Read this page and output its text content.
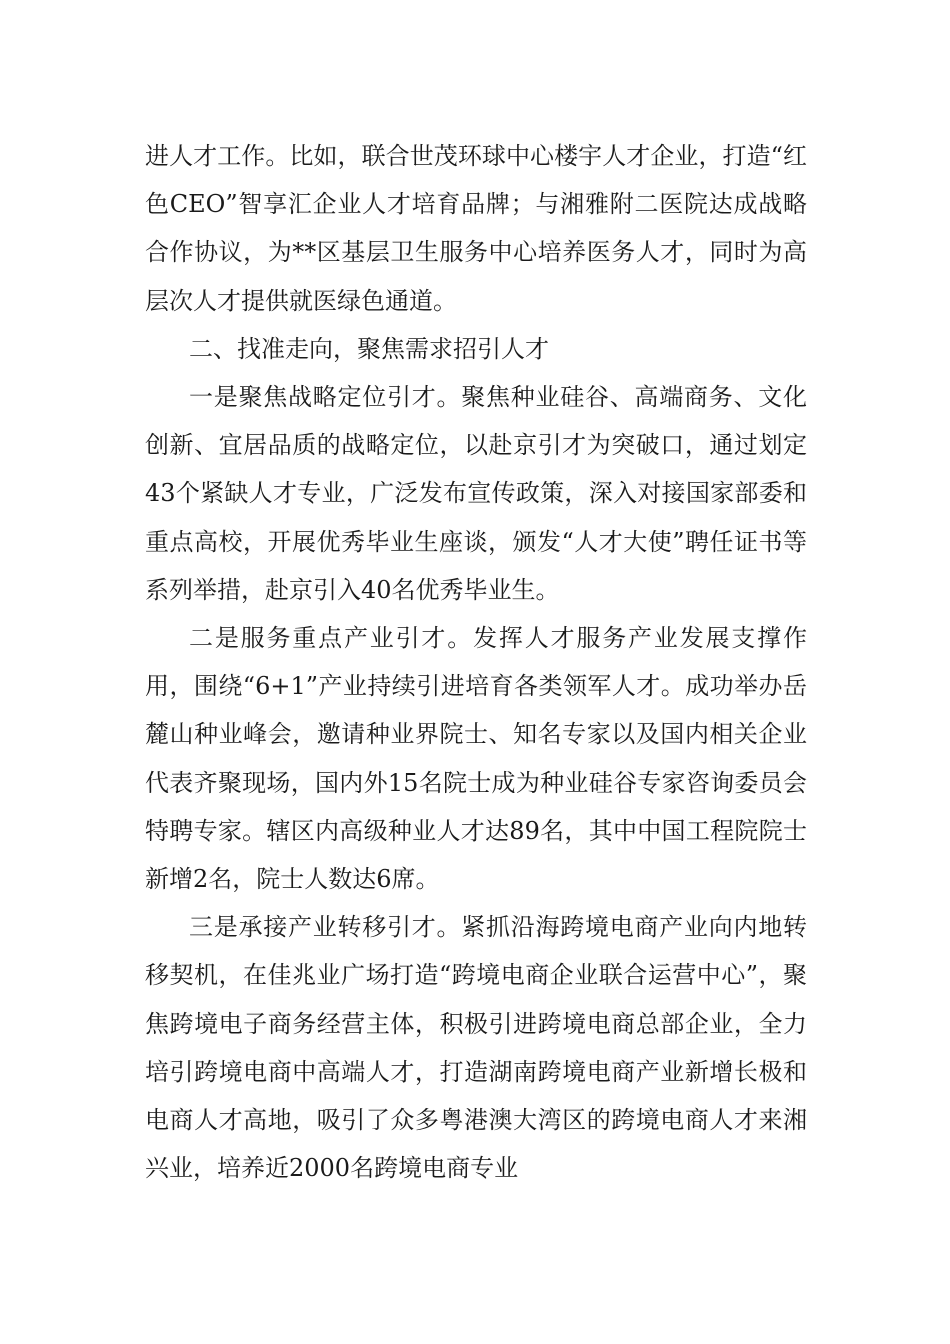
进人才工作。比如，联合世茂环球中心楼宇人才企业，打造“红色CEO”智享汇企业人才培育品牌；与湘雅附二医院达成战略合作协议，为**区基层卫生服务中心培养医务人才，同时为高层次人才提供就医绿色通道。

二、找准走向，聚焦需求招引人才

一是聚焦战略定位引才。聚焦种业硅谷、高端商务、文化创新、宜居品质的战略定位，以赴京引才为突破口，通过划定43个紧缺人才专业，广泛发布宣传政策，深入对接国家部委和重点高校，开展优秀毕业生座谈，颁发“人才大使”聘任证书等系列举措，赴京引入40名优秀毕业生。

二是服务重点产业引才。发挥人才服务产业发展支撑作用，围绕“6+1”产业持续引进培育各类领军人才。成功举办岳麓山种业峰会，邀请种业界院士、知名专家以及国内相关企业代表齐聚现场，国内外15名院士成为种业硅谷专家咨询委员会特聘专家。辖区内高级种业人才达89名，其中中国工程院院士新增2名，院士人数达6席。

三是承接产业转移引才。紧抓沿海跨境电商产业向内地转移契机，在佳兆业广场打造“跨境电商企业联合运营中心”，聚焦跨境电子商务经营主体，积极引进跨境电商总部企业，全力培引跨境电商中高端人才，打造湖南跨境电商产业新增长极和电商人才高地，吸引了众多粤港澳大湾区的跨境电商人才来湘兴业，培养近2000名跨境电商专业
